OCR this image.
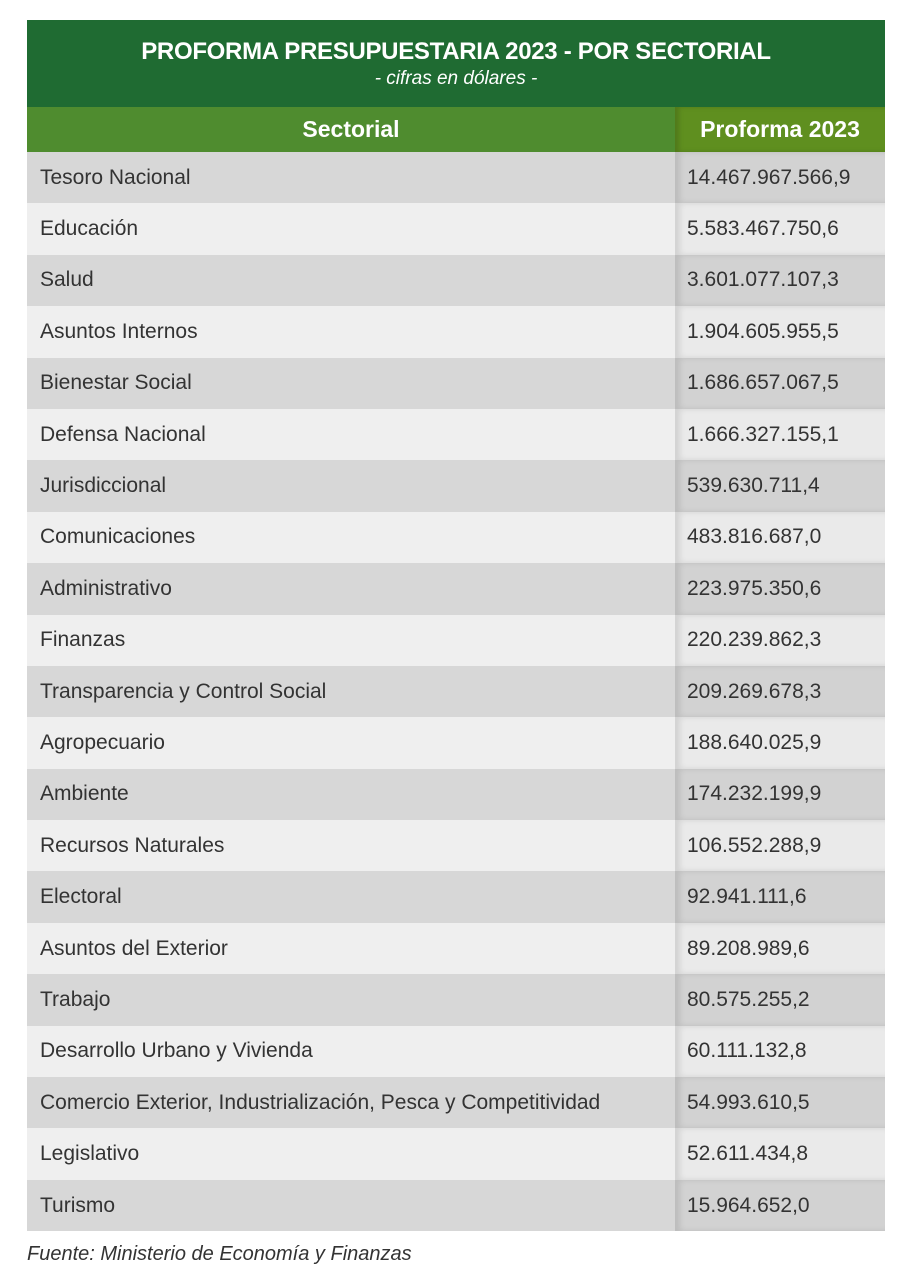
PROFORMA PRESUPUESTARIA 2023 - POR SECTORIAL
- cifras en dólares -
Sectorial	Proforma 2023
Tesoro Nacional	14.467.967.566,9
Educación	5.583.467.750,6
Salud	3.601.077.107,3
Asuntos Internos	1.904.605.955,5
Bienestar Social	1.686.657.067,5
Defensa Nacional	1.666.327.155,1
Jurisdiccional	539.630.711,4
Comunicaciones	483.816.687,0
Administrativo	223.975.350,6
Finanzas	220.239.862,3
Transparencia y Control Social	209.269.678,3
Agropecuario	188.640.025,9
Ambiente	174.232.199,9
Recursos Naturales	106.552.288,9
Electoral	92.941.111,6
Asuntos del Exterior	89.208.989,6
Trabajo	80.575.255,2
Desarrollo Urbano y Vivienda	60.111.132,8
Comercio Exterior, Industrialización, Pesca y Competitividad	54.993.610,5
Legislativo	52.611.434,8
Turismo	15.964.652,0
Fuente: Ministerio de Economía y Finanzas
